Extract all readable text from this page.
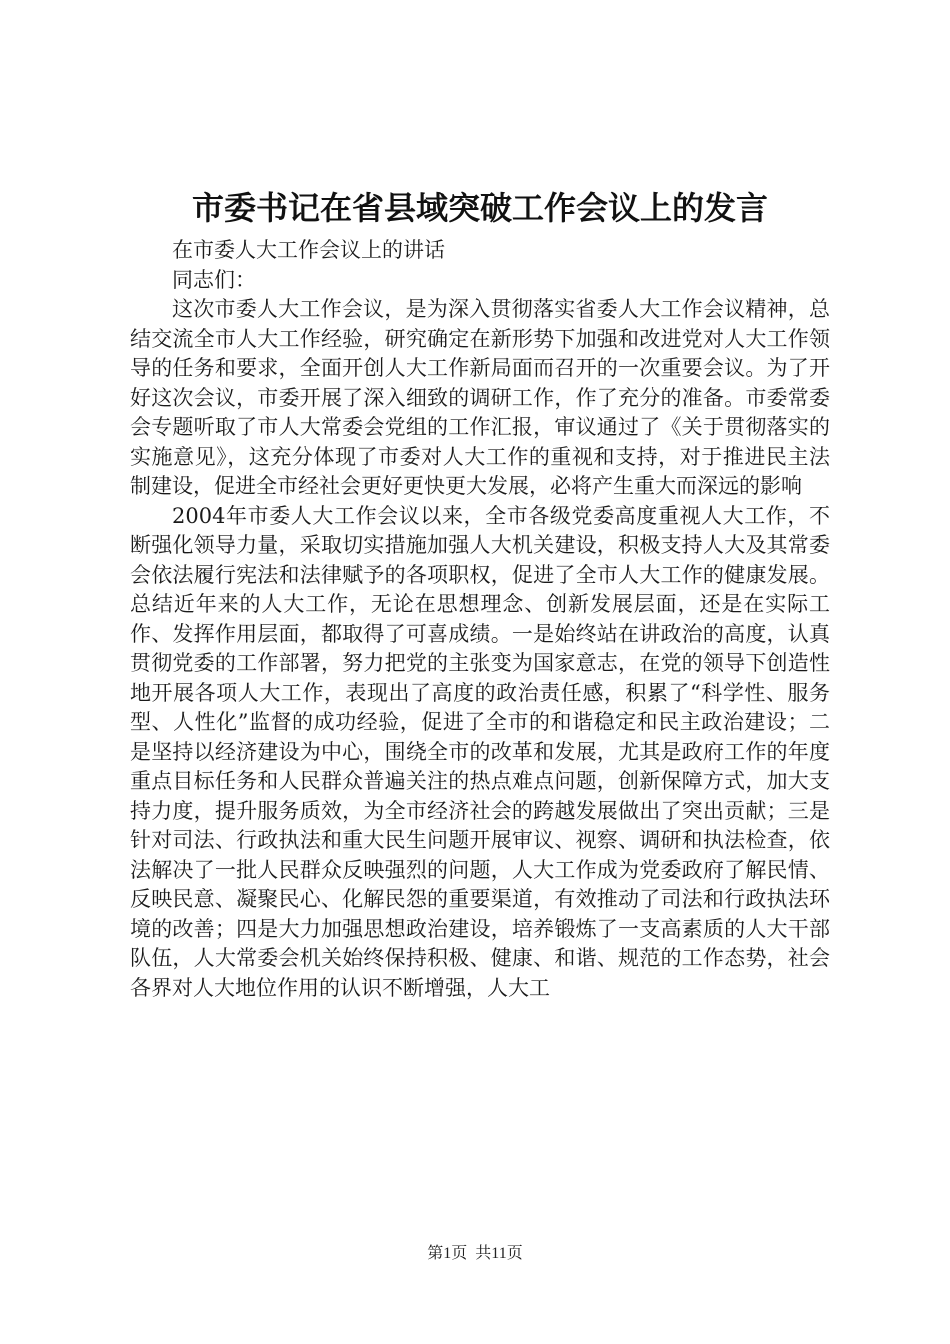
市委书记在省县域突破工作会议上的发言

在市委人大工作会议上的讲话

同志们：

这次市委人大工作会议，是为深入贯彻落实省委人大工作会议精神，总结交流全市人大工作经验，研究确定在新形势下加强和改进党对人大工作领导的任务和要求，全面开创人大工作新局面而召开的一次重要会议。为了开好这次会议，市委开展了深入细致的调研工作，作了充分的准备。市委常委会专题听取了市人大常委会党组的工作汇报，审议通过了《关于贯彻落实的实施意见》，这充分体现了市委对人大工作的重视和支持，对于推进民主法制建设，促进全市经社会更好更快更大发展，必将产生重大而深远的影响

2004年市委人大工作会议以来，全市各级党委高度重视人大工作，不断强化领导力量，采取切实措施加强人大机关建设，积极支持人大及其常委会依法履行宪法和法律赋予的各项职权，促进了全市人大工作的健康发展。总结近年来的人大工作，无论在思想理念、创新发展层面，还是在实际工作、发挥作用层面，都取得了可喜成绩。一是始终站在讲政治的高度，认真贯彻党委的工作部署，努力把党的主张变为国家意志，在党的领导下创造性地开展各项人大工作，表现出了高度的政治责任感，积累了“科学性、服务型、人性化”监督的成功经验，促进了全市的和谐稳定和民主政治建设；二是坚持以经济建设为中心，围绕全市的改革和发展，尤其是政府工作的年度重点目标任务和人民群众普遍关注的热点难点问题，创新保障方式，加大支持力度，提升服务质效，为全市经济社会的跨越发展做出了突出贡献；三是针对司法、行政执法和重大民生问题开展审议、视察、调研和执法检查，依法解决了一批人民群众反映强烈的问题，人大工作成为党委政府了解民情、反映民意、凝聚民心、化解民怨的重要渠道，有效推动了司法和行政执法环境的改善；四是大力加强思想政治建设，培养锻炼了一支高素质的人大干部队伍，人大常委会机关始终保持积极、健康、和谐、规范的工作态势，社会各界对人大地位作用的认识不断增强，人大工

第1页 共11页
